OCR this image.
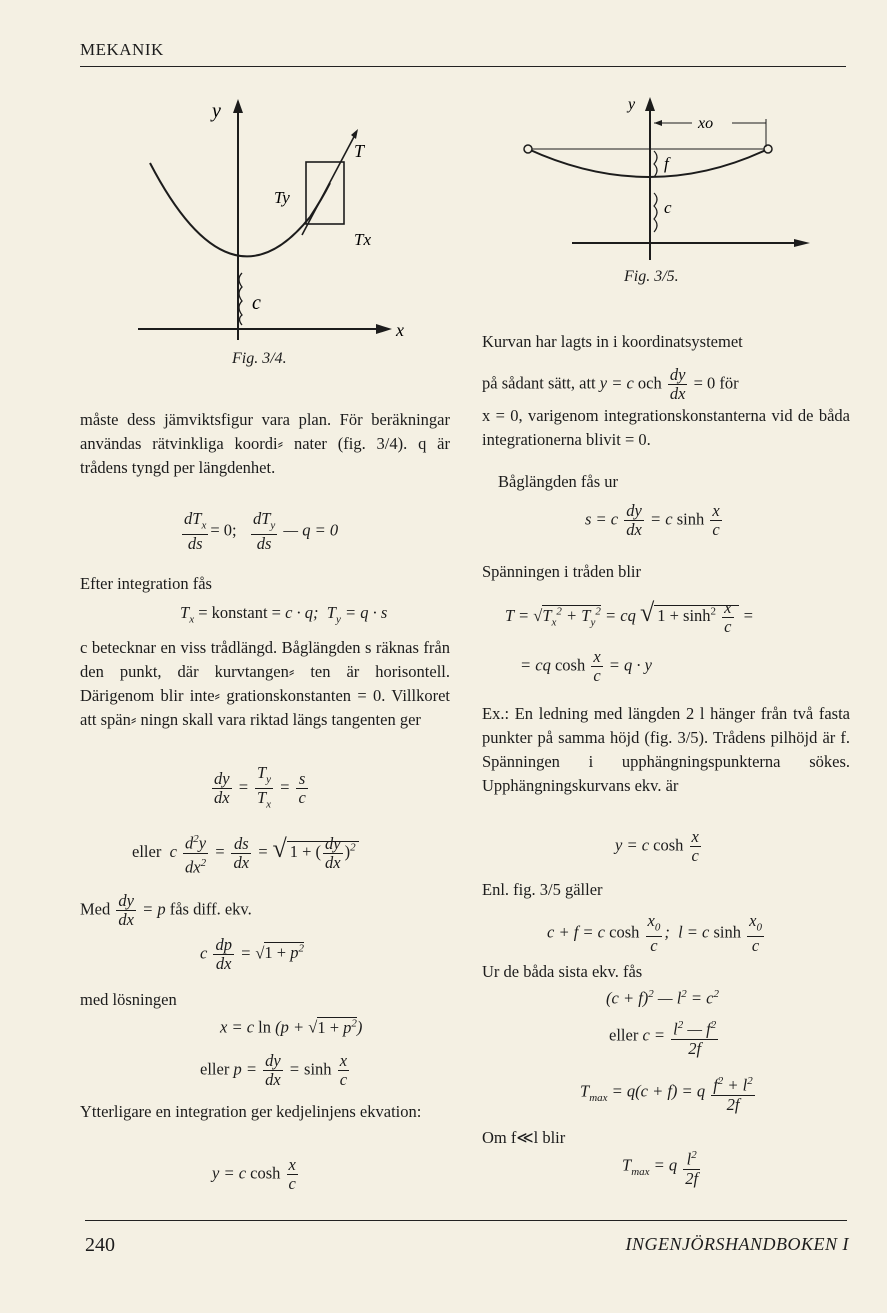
MEKANIK
y
x
T
Ty
Tx
c
Fig. 3/4.
y
xo
f
c
Fig. 3/5.
måste dess jämviktsfigur vara plan. För beräkningar användas rätvinkliga koordi⸗ nater (fig. 3/4). q är trådens tyngd per längdenhet.
$\frac{dT_x}{ds} = 0$; $\frac{dT_y}{ds}$ — q = 0
Efter integration fås
$T_x$ = konstant = c · q;  $T_y = q \cdot s$
c betecknar en viss trådlängd. Båglängden s räknas från den punkt, där kurvtangen⸗ ten är horisontell. Därigenom blir inte⸗ grationskonstanten = 0. Villkoret att spän⸗ ningn skall vara riktad längs tangenten ger
$\frac{dy}{dx} = \frac{T_y}{T_x} = \frac{s}{c}$
eller  c $\frac{d^2y}{dx^2} = \frac{ds}{dx}$ = √ 1 + ( $\frac{dy}{dx} )^2$
Med $\frac{dy}{dx} = p$ fås diff. ekv.
c $\frac{dp}{dx} = √1 + p^2$
med lösningen
x = c $\ln (p + √1 + p^2)$
eller $p = \frac{dy}{dx} = \sinh \frac{x}{c}$
Ytterligare en integration ger kedjelinjens ekvation:
y = c $\cosh \frac{x}{c}$
Kurvan har lagts in i koordinatsystemet
på sådant sätt, att y = c och $\frac{dy}{dx} = 0$ för
x = 0, varigenom integrationskonstanterna vid de båda integrationerna blivit = 0.
Båglängden fås ur
s = c $\frac{dy}{dx} = c$ $\sinh \frac{x}{c}$
Spänningen i tråden blir
$T = √T_x^2 + T_y^2$ = cq √ $1 + \sinh^2 \frac{x}{c}$ =
= cq $\cosh \frac{x}{c} = q \cdot y$
Ex.: En ledning med längden 2 l hänger från två fasta punkter på samma höjd (fig. 3/5). Trådens pilhöjd är f. Spänningen i upphängningspunkterna sökes. Upphängningskurvans ekv. är
y = c $\cosh \frac{x}{c}$
Enl. fig. 3/5 gäller
c + f = c $\cosh \frac{x_0}{c}$ ;  l = c $\sinh \frac{x_0}{c}$
Ur de båda sista ekv. fås
$(c + f)^2$ — $l^2 = c^2$
eller $c = \frac{l^2 — f^2}{2f}$
$T_{max} = q(c + f) = q \frac{f^2 + l^2}{2f}$
Om f≪l blir
$T_{max} = q \frac{l^2}{2f}$
240	INGENJÖRSHANDBOKEN I
